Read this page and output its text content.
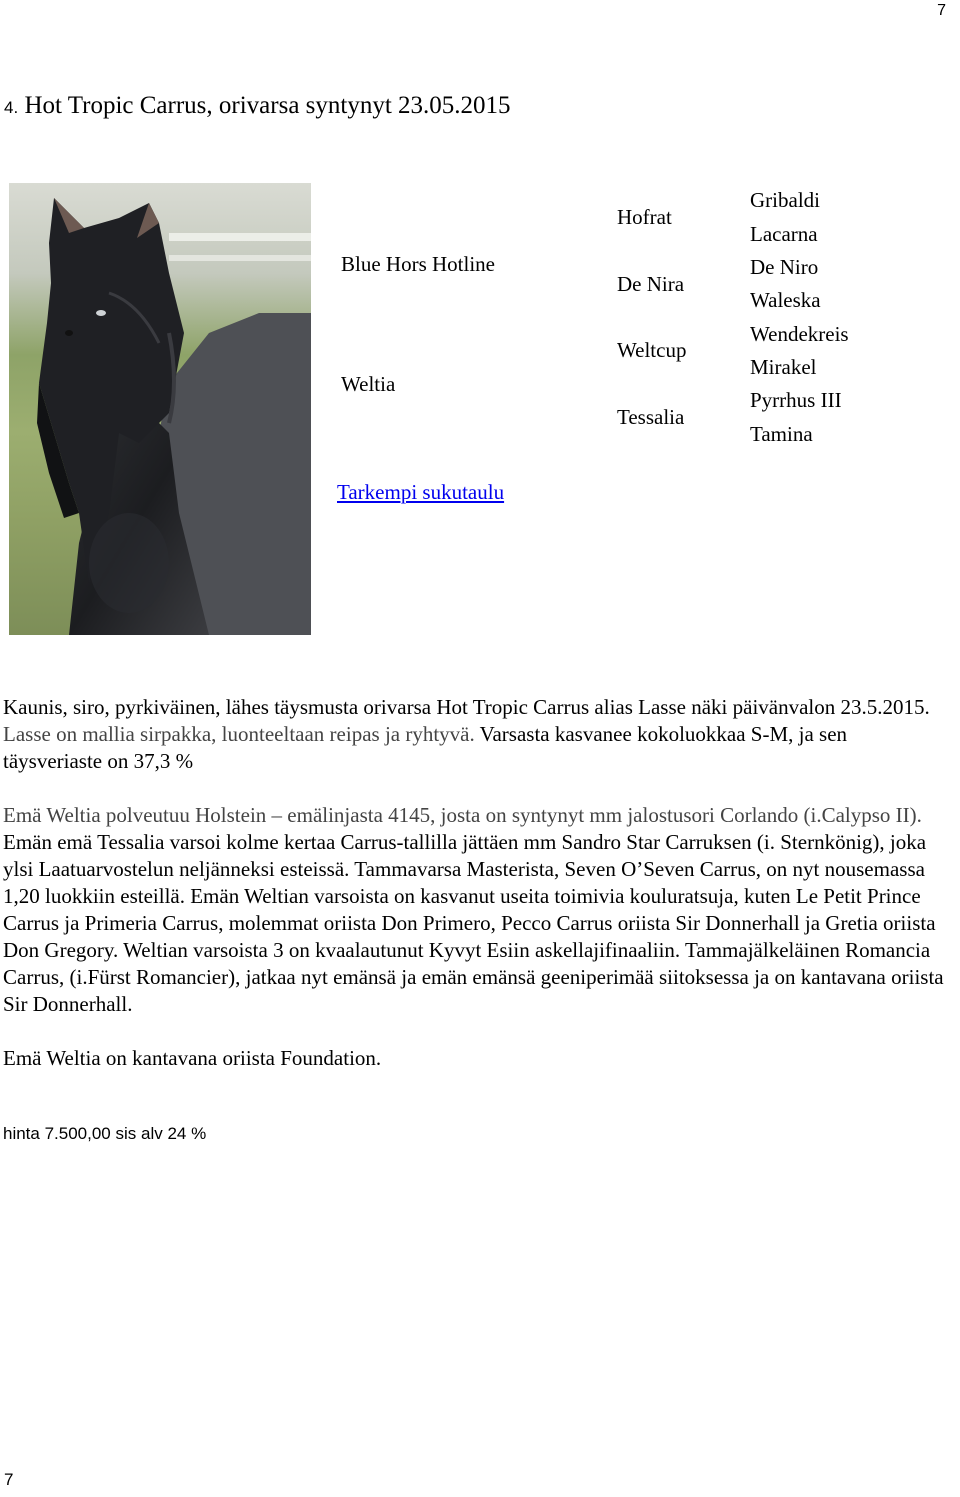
7
4. Hot Tropic Carrus, orivarsa syntynyt 23.05.2015
Blue Hors Hotline
Weltia
Hofrat
De Nira
Weltcup
Tessalia
Gribaldi
Lacarna
De Niro
Waleska
Wendekreis
Mirakel
Pyrrhus III
Tamina
Tarkempi sukutaulu

Kaunis, siro, pyrkiväinen, lähes täysmusta orivarsa Hot Tropic Carrus alias Lasse näki päivänvalon 23.5.2015. Lasse on mallia sirpakka, luonteeltaan reipas ja ryhtyvä. Varsasta kasvanee kokoluokkaa S-M, ja sen täysveriaste on 37,3 %

Emä Weltia polveutuu Holstein – emälinjasta 4145, josta on syntynyt mm jalostusori Corlando (i.Calypso II). Emän emä Tessalia varsoi kolme kertaa Carrus-tallilla jättäen mm Sandro Star Carruksen (i. Sternkönig), joka ylsi Laatuarvostelun neljänneksi esteissä. Tammavarsa Masterista, Seven O’Seven Carrus, on nyt nousemassa 1,20 luokkiin esteillä. Emän Weltian varsoista on kasvanut useita toimivia kouluratsuja, kuten Le Petit Prince Carrus ja Primeria Carrus, molemmat oriista Don Primero, Pecco Carrus oriista Sir Donnerhall ja Gretia oriista Don Gregory. Weltian varsoista 3 on kvaalautunut Kyvyt Esiin askellajifinaaliin. Tammajälkeläinen Romancia Carrus, (i.Fürst Romancier), jatkaa nyt emänsä ja emän emänsä geeniperimää siitoksessa ja on kantavana oriista Sir Donnerhall.

Emä Weltia on kantavana oriista Foundation.

hinta 7.500,00 sis alv 24 %
7
